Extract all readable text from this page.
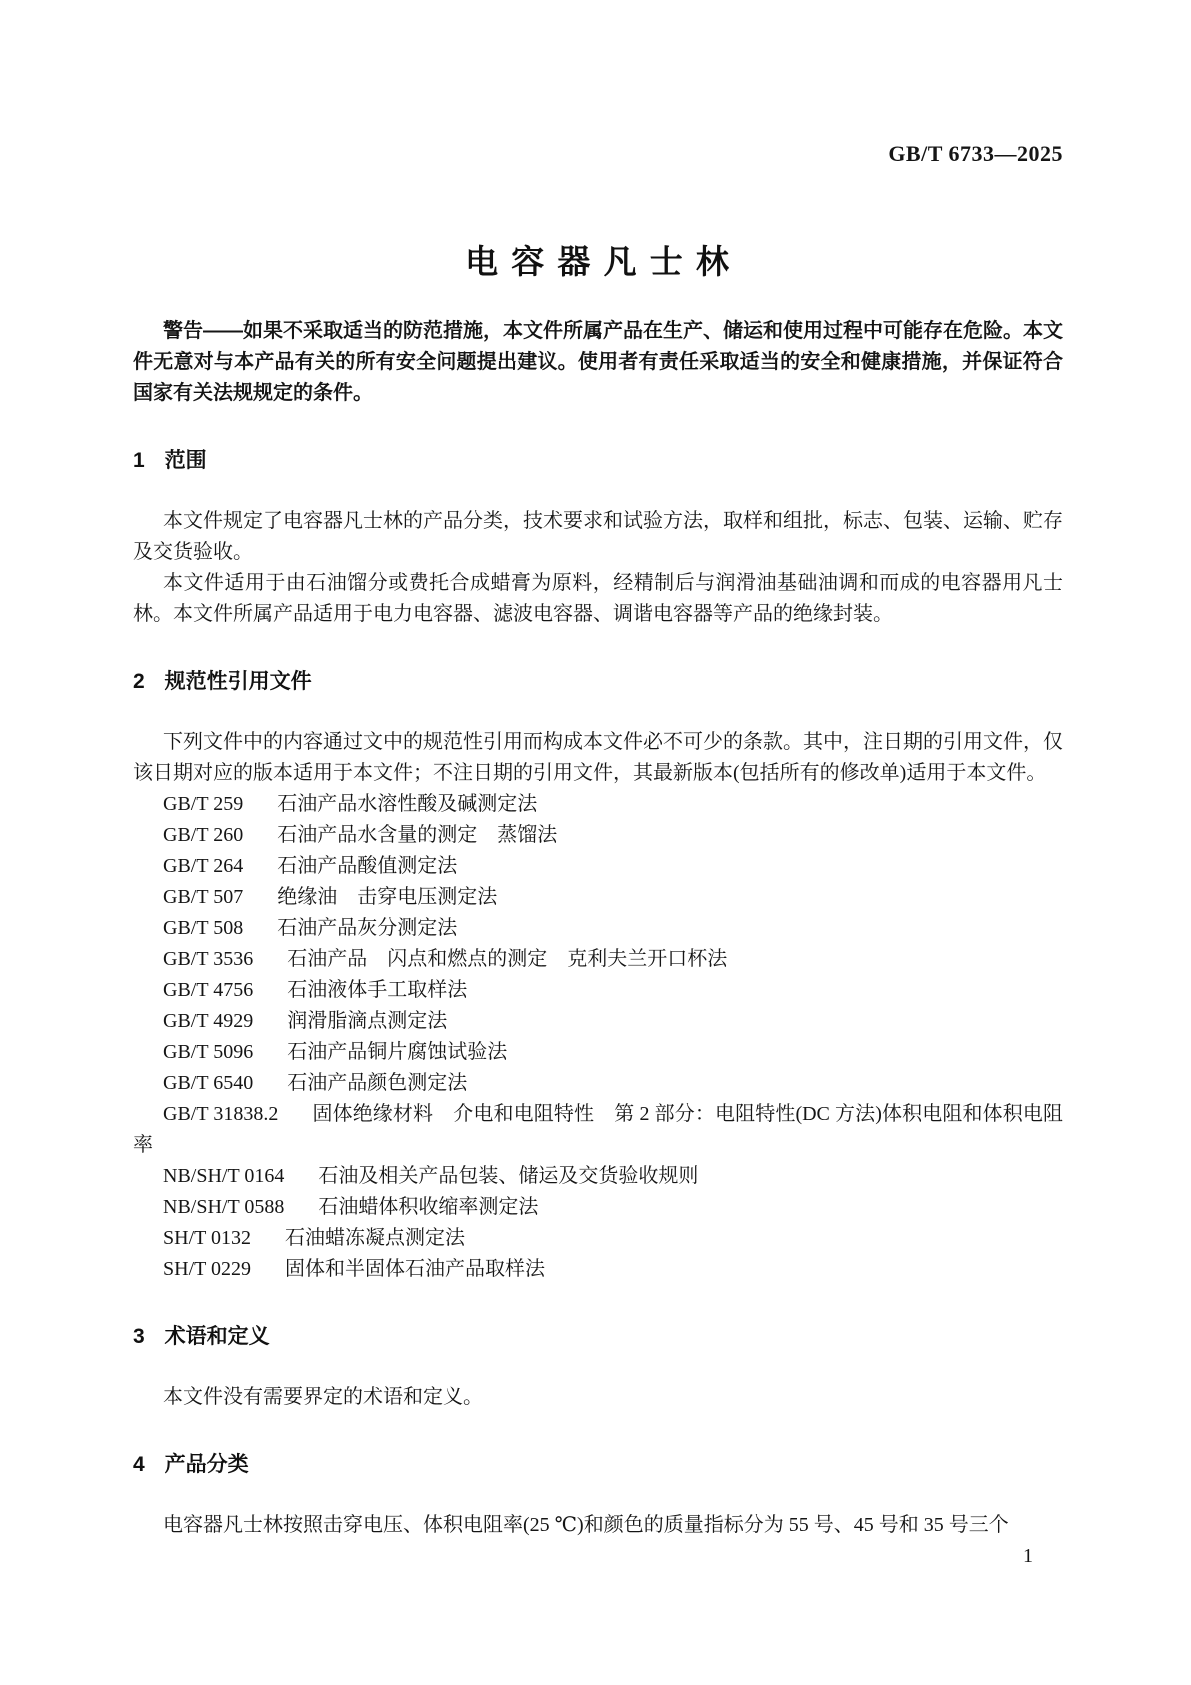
GB/T 6733—2025
电 容 器 凡 士 林

警告——如果不采取适当的防范措施，本文件所属产品在生产、储运和使用过程中可能存在危险。本文件无意对与本产品有关的所有安全问题提出建议。使用者有责任采取适当的安全和健康措施，并保证符合国家有关法规规定的条件。

1 范围

本文件规定了电容器凡士林的产品分类，技术要求和试验方法，取样和组批，标志、包装、运输、贮存及交货验收。

本文件适用于由石油馏分或费托合成蜡膏为原料，经精制后与润滑油基础油调和而成的电容器用凡士林。本文件所属产品适用于电力电容器、滤波电容器、调谐电容器等产品的绝缘封装。

2 规范性引用文件

下列文件中的内容通过文中的规范性引用而构成本文件必不可少的条款。其中，注日期的引用文件，仅该日期对应的版本适用于本文件；不注日期的引用文件，其最新版本(包括所有的修改单)适用于本文件。

GB/T 259 石油产品水溶性酸及碱测定法

GB/T 260 石油产品水含量的测定　蒸馏法

GB/T 264 石油产品酸值测定法

GB/T 507 绝缘油　击穿电压测定法

GB/T 508 石油产品灰分测定法

GB/T 3536 石油产品　闪点和燃点的测定　克利夫兰开口杯法

GB/T 4756 石油液体手工取样法

GB/T 4929 润滑脂滴点测定法

GB/T 5096 石油产品铜片腐蚀试验法

GB/T 6540 石油产品颜色测定法

GB/T 31838.2 固体绝缘材料　介电和电阻特性　第 2 部分：电阻特性(DC 方法)体积电阻和体积电阻率

NB/SH/T 0164 石油及相关产品包装、储运及交货验收规则

NB/SH/T 0588 石油蜡体积收缩率测定法

SH/T 0132 石油蜡冻凝点测定法

SH/T 0229 固体和半固体石油产品取样法

3 术语和定义

本文件没有需要界定的术语和定义。

4 产品分类

电容器凡士林按照击穿电压、体积电阻率(25 ℃)和颜色的质量指标分为 55 号、45 号和 35 号三个

1
